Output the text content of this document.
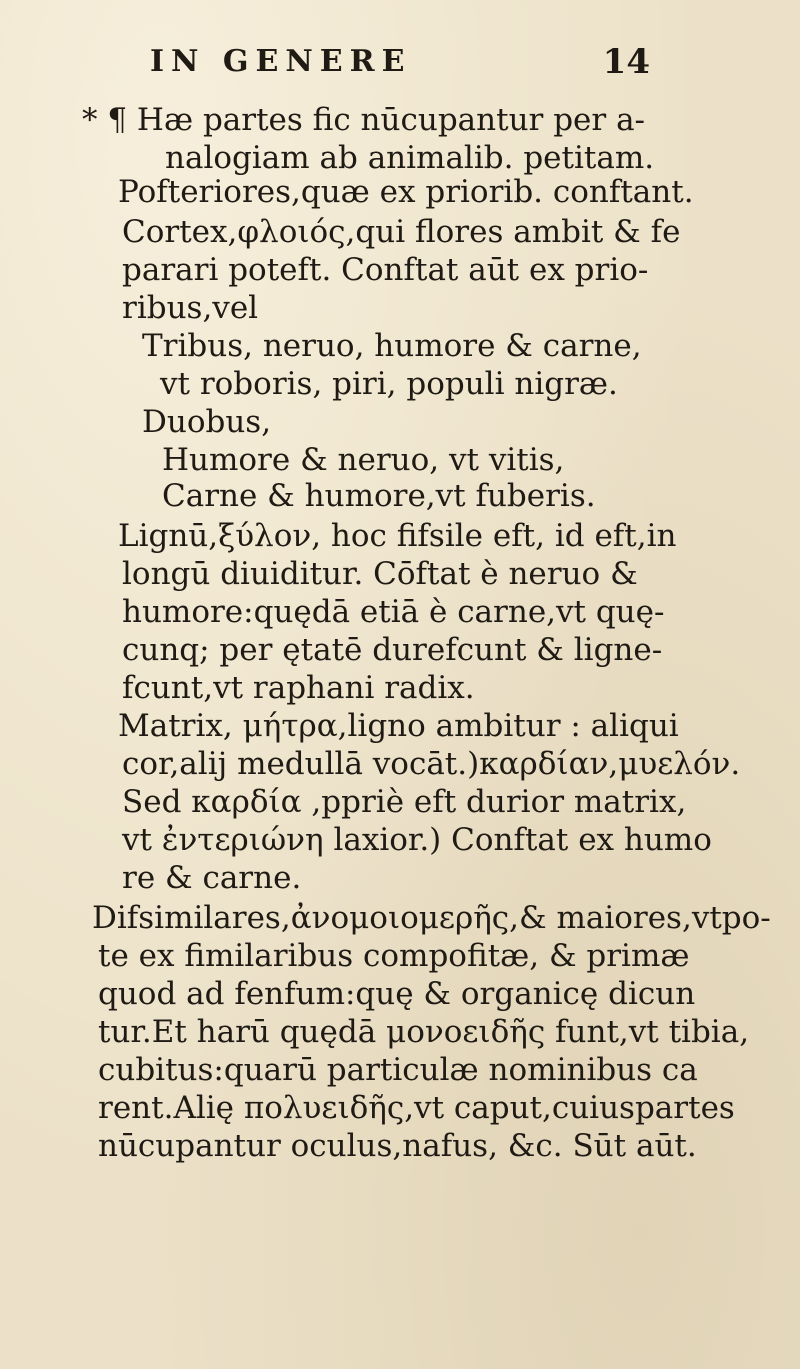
IN GENERE	14
* ¶ Hæ partes fic nūcupantur per a-
nalogiam ab animalib. petitam.
Pofteriores,quæ ex priorib. conftant.
Cortex,φλοιός,qui flores ambit & fe
parari poteft. Conftat aūt ex prio-
ribus,vel
Tribus, neruo, humore & carne,
vt roboris, piri, populi nigræ.
Duobus,
Humore & neruo, vt vitis,
Carne & humore,vt fuberis.
Lignū,ξύλον, hoc fifsile eft, id eft,in
longū diuiditur. Cōftat è neruo &
humore:quędā etiā è carne,vt quę-
cunq; per ętatē durefcunt & ligne-
fcunt,vt raphani radix.
Matrix, μήτρα,ligno ambitur : aliqui
cor,alij medullā vocāt.)καρδίαν,μυελόν.
Sed καρδία ,ppriè eft durior matrix,
vt ἐντεριώνη laxior.) Conftat ex humo
re & carne.
Difsimilares,ἀνομοιομερῆς,& maiores,vtpo-
te ex fimilaribus compofitæ, & primæ
quod ad fenfum:quę & organicę dicun
tur.Et harū quędā μονοειδῆς funt,vt tibia,
cubitus:quarū particulæ nominibus ca
rent.Alię πολυειδῆς,vt caput,cuiuspartes
nūcupantur oculus,nafus, &c. Sūt aūt.
